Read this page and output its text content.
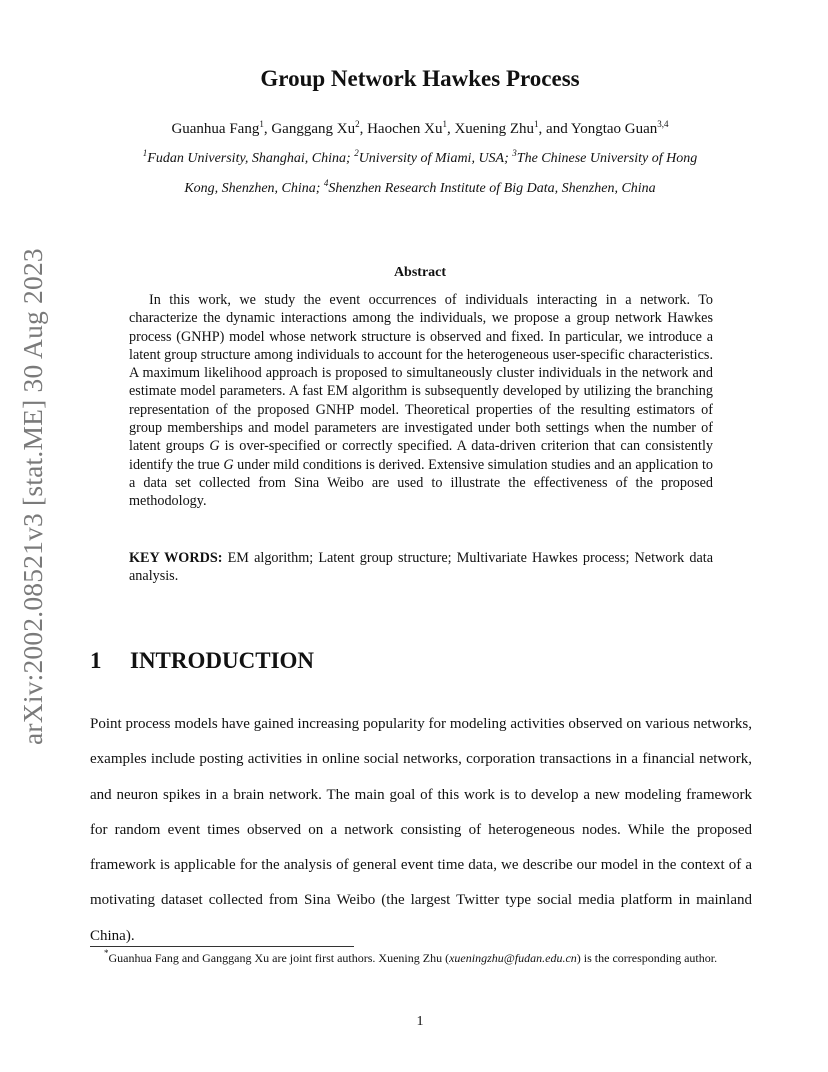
arXiv:2002.08521v3 [stat.ME] 30 Aug 2023
Group Network Hawkes Process
Guanhua Fang$^1$, Ganggang Xu$^2$, Haochen Xu$^1$, Xuening Zhu$^1$, and Yongtao Guan$^{3,4}$
$^1$Fudan University, Shanghai, China; $^2$University of Miami, USA; $^3$The Chinese University of Hong
Kong, Shenzhen, China; $^4$Shenzhen Research Institute of Big Data, Shenzhen, China
Abstract
In this work, we study the event occurrences of individuals interacting in a network. To characterize the dynamic interactions among the individuals, we propose a group network Hawkes process (GNHP) model whose network structure is observed and fixed. In particular, we introduce a latent group structure among individuals to account for the heterogeneous user-specific characteristics. A maximum likelihood approach is proposed to simultaneously cluster individuals in the network and estimate model parameters. A fast EM algorithm is subsequently developed by utilizing the branching representation of the proposed GNHP model. Theoretical properties of the resulting estimators of group memberships and model parameters are investigated under both settings when the number of latent groups G is over-specified or correctly specified. A data-driven criterion that can consistently identify the true G under mild conditions is derived. Extensive simulation studies and an application to a data set collected from Sina Weibo are used to illustrate the effectiveness of the proposed methodology.
KEY WORDS: EM algorithm; Latent group structure; Multivariate Hawkes process; Network data analysis.
1 INTRODUCTION
Point process models have gained increasing popularity for modeling activities observed on various networks, examples include posting activities in online social networks, corporation transactions in a financial network, and neuron spikes in a brain network. The main goal of this work is to develop a new modeling framework for random event times observed on a network consisting of heterogeneous nodes. While the proposed framework is applicable for the analysis of general event time data, we describe our model in the context of a motivating dataset collected from Sina Weibo (the largest Twitter type social media platform in mainland China).
*Guanhua Fang and Ganggang Xu are joint first authors. Xuening Zhu (xueningzhu@fudan.edu.cn) is the corresponding author.
1
